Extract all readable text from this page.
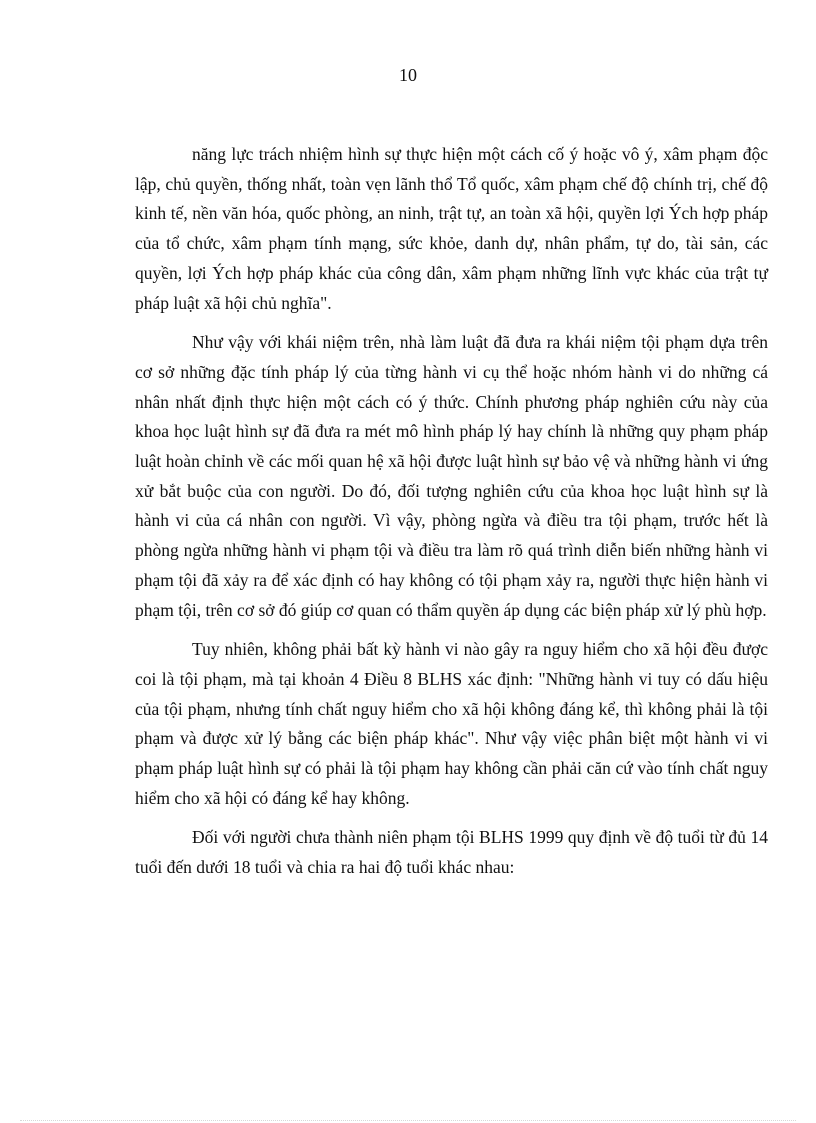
10

năng lực trách nhiệm hình sự thực hiện một cách cố ý hoặc vô ý, xâm phạm độc lập, chủ quyền, thống nhất, toàn vẹn lãnh thổ Tổ quốc, xâm phạm chế độ chính trị, chế độ kinh tế, nền văn hóa, quốc phòng, an ninh, trật tự, an toàn xã hội, quyền lợi Ých hợp pháp của tổ chức, xâm phạm tính mạng, sức khỏe, danh dự, nhân phẩm, tự do, tài sản, các quyền, lợi Ých hợp pháp khác của công dân, xâm phạm những lĩnh vực khác của trật tự pháp luật xã hội chủ nghĩa".

Như vậy với khái niệm trên, nhà làm luật đã đưa ra khái niệm tội phạm dựa trên cơ sở những đặc tính pháp lý của từng hành vi cụ thể hoặc nhóm hành vi do những cá nhân nhất định thực hiện một cách có ý thức. Chính phương pháp nghiên cứu này của khoa học luật hình sự đã đưa ra mét mô hình pháp lý hay chính là những quy phạm pháp luật hoàn chỉnh về các mối quan hệ xã hội được luật hình sự bảo vệ và những hành vi ứng xử bắt buộc của con người. Do đó, đối tượng nghiên cứu của khoa học luật hình sự là hành vi của cá nhân con người. Vì vậy, phòng ngừa và điều tra tội phạm, trước hết là phòng ngừa những hành vi phạm tội và điều tra làm rõ quá trình diễn biến những hành vi phạm tội đã xảy ra để xác định có hay không có tội phạm xảy ra, người thực hiện hành vi phạm tội, trên cơ sở đó giúp cơ quan có thẩm quyền áp dụng các biện pháp xử lý phù hợp.

Tuy nhiên, không phải bất kỳ hành vi nào gây ra nguy hiểm cho xã hội đều được coi là tội phạm, mà tại khoản 4 Điều 8 BLHS xác định: "Những hành vi tuy có dấu hiệu của tội phạm, nhưng tính chất nguy hiểm cho xã hội không đáng kể, thì không phải là tội phạm và được xử lý bằng các biện pháp khác". Như vậy việc phân biệt một hành vi vi phạm pháp luật hình sự có phải là tội phạm hay không cần phải căn cứ vào tính chất nguy hiểm cho xã hội có đáng kể hay không.

Đối với người chưa thành niên phạm tội BLHS 1999 quy định về độ tuổi từ đủ 14 tuổi đến dưới 18 tuổi và chia ra hai độ tuổi khác nhau:
